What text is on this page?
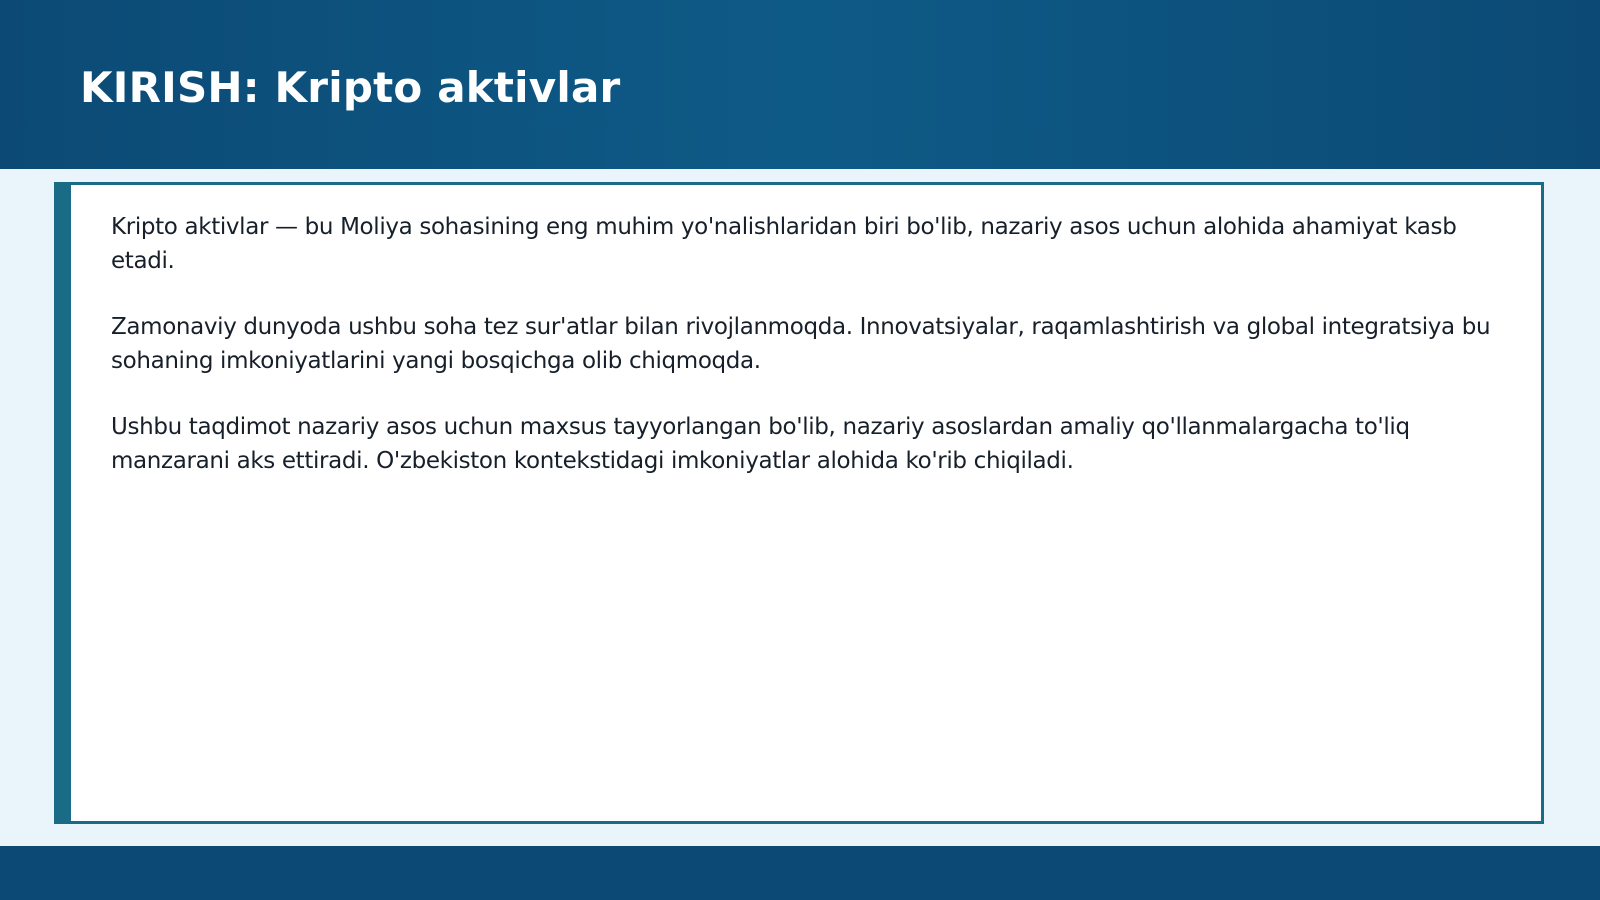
KIRISH: Kripto aktivlar

Kripto aktivlar — bu Moliya sohasining eng muhim yo'nalishlaridan biri bo'lib, nazariy asos uchun alohida ahamiyat kasb etadi.

Zamonaviy dunyoda ushbu soha tez sur'atlar bilan rivojlanmoqda. Innovatsiyalar, raqamlashtirish va global integratsiya bu sohaning imkoniyatlarini yangi bosqichga olib chiqmoqda.

Ushbu taqdimot nazariy asos uchun maxsus tayyorlangan bo'lib, nazariy asoslardan amaliy qo'llanmalargacha to'liq manzarani aks ettiradi. O'zbekiston kontekstidagi imkoniyatlar alohida ko'rib chiqiladi.
